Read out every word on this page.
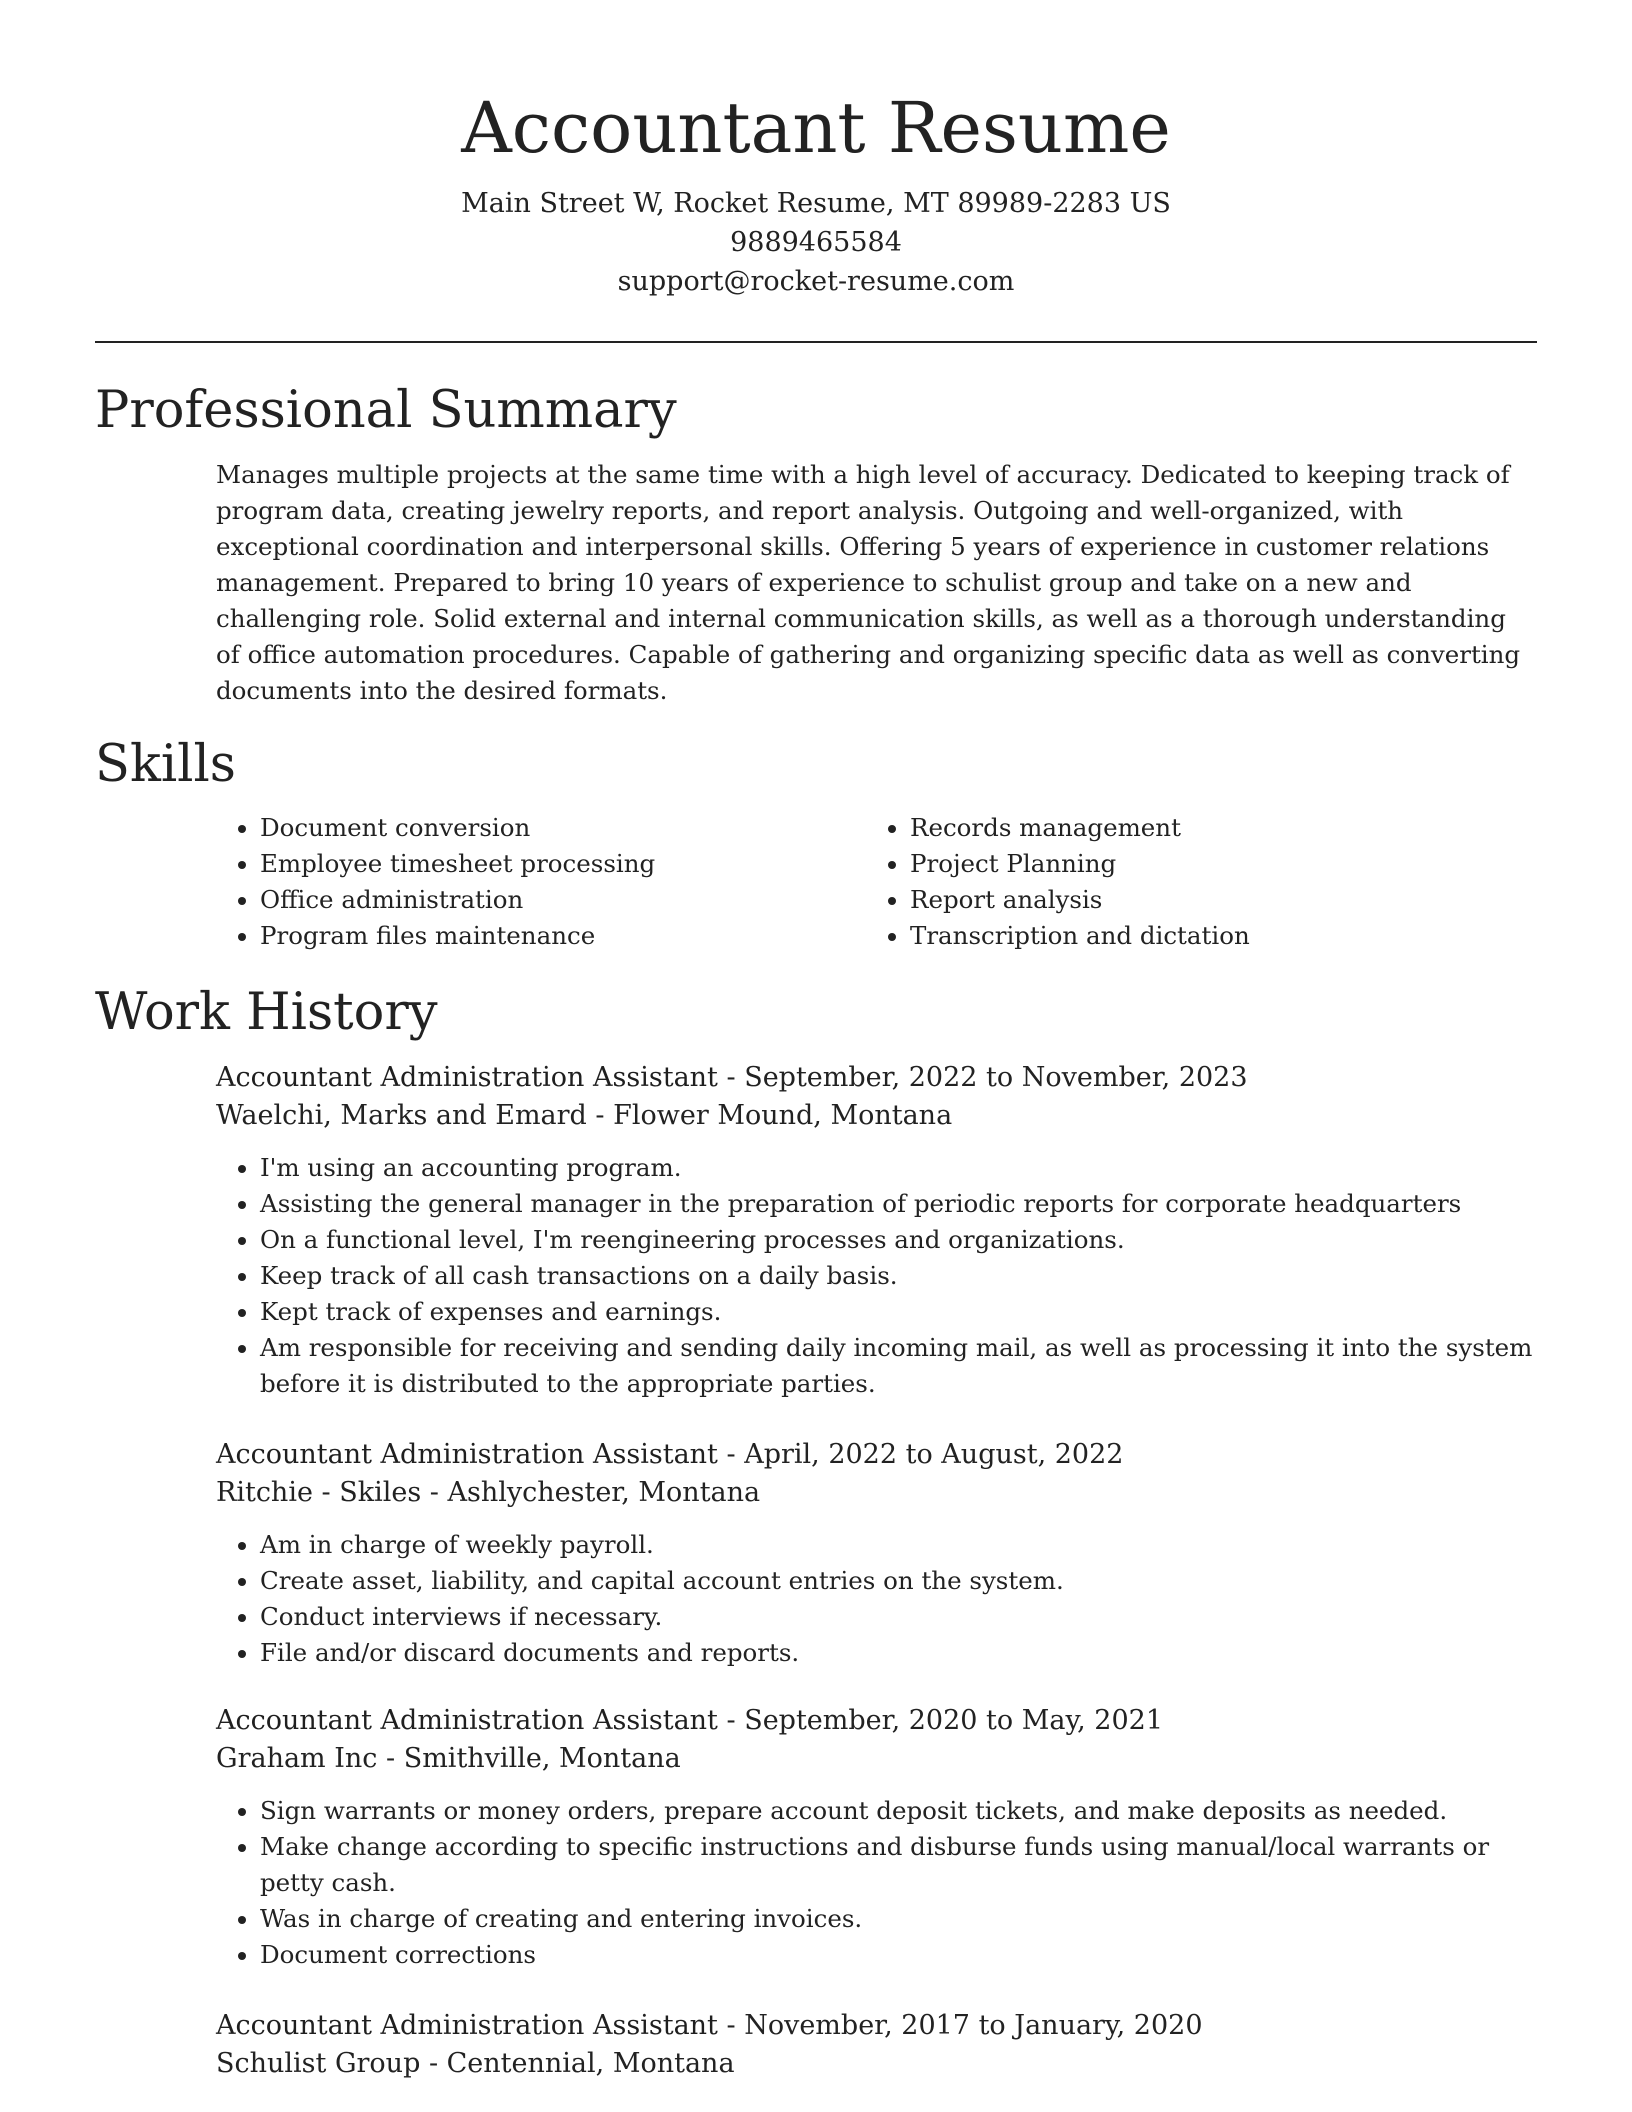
Accountant Resume
Main Street W, Rocket Resume, MT 89989-2283 US
9889465584
support@rocket-resume.com
Professional Summary

Manages multiple projects at the same time with a high level of accuracy. Dedicated to keeping track of program data, creating jewelry reports, and report analysis. Outgoing and well-organized, with exceptional coordination and interpersonal skills. Offering 5 years of experience in customer relations management. Prepared to bring 10 years of experience to schulist group and take on a new and challenging role. Solid external and internal communication skills, as well as a thorough understanding of office automation procedures. Capable of gathering and organizing specific data as well as converting documents into the desired formats.

Skills
• Document conversion
• Employee timesheet processing
• Office administration
• Program files maintenance
• Records management
• Project Planning
• Report analysis
• Transcription and dictation
Work History
Accountant Administration Assistant - September, 2022 to November, 2023
Waelchi, Marks and Emard - Flower Mound, Montana
• I'm using an accounting program.
• Assisting the general manager in the preparation of periodic reports for corporate headquarters
• On a functional level, I'm reengineering processes and organizations.
• Keep track of all cash transactions on a daily basis.
• Kept track of expenses and earnings.
• Am responsible for receiving and sending daily incoming mail, as well as processing it into the system before it is distributed to the appropriate parties.
Accountant Administration Assistant - April, 2022 to August, 2022
Ritchie - Skiles - Ashlychester, Montana
• Am in charge of weekly payroll.
• Create asset, liability, and capital account entries on the system.
• Conduct interviews if necessary.
• File and/or discard documents and reports.
Accountant Administration Assistant - September, 2020 to May, 2021
Graham Inc - Smithville, Montana
• Sign warrants or money orders, prepare account deposit tickets, and make deposits as needed.
• Make change according to specific instructions and disburse funds using manual/local warrants or petty cash.
• Was in charge of creating and entering invoices.
• Document corrections
Accountant Administration Assistant - November, 2017 to January, 2020
Schulist Group - Centennial, Montana
